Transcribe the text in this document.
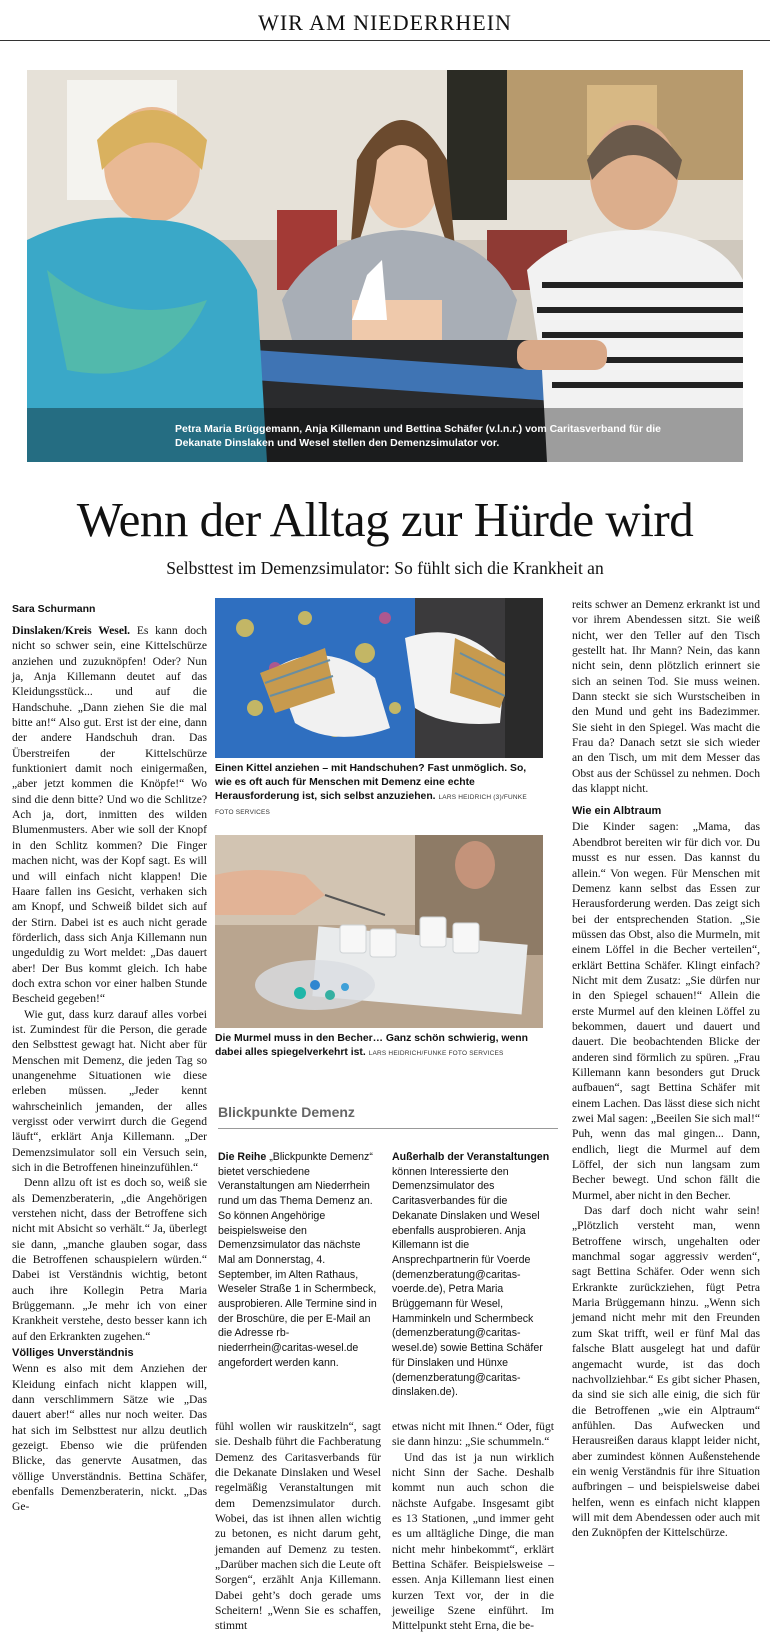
WIR AM NIEDERRHEIN
Petra Maria Brüggemann, Anja Killemann und Bettina Schäfer (v.l.n.r.) vom Caritasverband für die Dekanate Dinslaken und Wesel stellen den Demenzsimulator vor.
Wenn der Alltag zur Hürde wird
Selbsttest im Demenzsimulator: So fühlt sich die Krankheit an
Sara Schurmann

Dinslaken/Kreis Wesel. Es kann doch nicht so schwer sein, eine Kittelschürze anziehen und zuzuknöpfen! Oder? Nun ja, Anja Killemann deutet auf das Kleidungsstück... und auf die Handschuhe. „Dann ziehen Sie die mal bitte an!“ Also gut. Erst ist der eine, dann der andere Handschuh dran. Das Überstreifen der Kittelschürze funktioniert damit noch einigermaßen, „aber jetzt kommen die Knöpfe!“ Wo sind die denn bitte? Und wo die Schlitze? Ach ja, dort, inmitten des wilden Blumenmusters. Aber wie soll der Knopf in den Schlitz kommen? Die Finger machen nicht, was der Kopf sagt. Es will und will einfach nicht klappen! Die Haare fallen ins Gesicht, verhaken sich am Knopf, und Schweiß bildet sich auf der Stirn. Dabei ist es auch nicht gerade förderlich, dass sich Anja Killemann nun ungeduldig zu Wort meldet: „Das dauert aber! Der Bus kommt gleich. Ich habe doch extra schon vor einer halben Stunde Bescheid gegeben!“

Wie gut, dass kurz darauf alles vorbei ist. Zumindest für die Person, die gerade den Selbsttest gewagt hat. Nicht aber für Menschen mit Demenz, die jeden Tag so unangenehme Situationen wie diese erleben müssen. „Jeder kennt wahrscheinlich jemanden, der alles vergisst oder verwirrt durch die Gegend läuft“, erklärt Anja Killemann. „Der Demenzsimulator soll ein Versuch sein, sich in die Betroffenen hineinzufühlen.“

Denn allzu oft ist es doch so, weiß sie als Demenzberaterin, „die Angehörigen verstehen nicht, dass der Betroffene sich nicht mit Absicht so verhält.“ Ja, überlegt sie dann, „manche glauben sogar, dass die Betroffenen schauspielern würden.“ Dabei ist Verständnis wichtig, betont auch ihre Kollegin Petra Maria Brüggemann. „Je mehr ich von einer Krankheit verstehe, desto besser kann ich auf den Erkrankten zugehen.“

Völliges Unverständnis

Wenn es also mit dem Anziehen der Kleidung einfach nicht klappen will, dann verschlimmern Sätze wie „Das dauert aber!“ alles nur noch weiter. Das hat sich im Selbsttest nur allzu deutlich gezeigt. Ebenso wie die prüfenden Blicke, das genervte Ausatmen, das völlige Unverständnis. Bettina Schäfer, ebenfalls Demenzberaterin, nickt. „Das Ge-

Einen Kittel anziehen – mit Handschuhen? Fast unmöglich. So, wie es oft auch für Menschen mit Demenz eine echte Herausforderung ist, sich selbst anzuziehen. LARS HEIDRICH (3)/FUNKE FOTO SERVICES
Die Murmel muss in den Becher… Ganz schön schwierig, wenn dabei alles spiegelverkehrt ist. LARS HEIDRICH/FUNKE FOTO SERVICES
Blickpunkte Demenz
Die Reihe „Blickpunkte Demenz“ bietet verschiedene Veranstaltungen am Niederrhein rund um das Thema Demenz an. So können Angehörige beispielsweise den Demenzsimulator das nächste Mal am Donnerstag, 4. September, im Alten Rathaus, Weseler Straße 1 in Schermbeck, ausprobieren. Alle Termine sind in der Broschüre, die per E-Mail an die Adresse rb-niederrhein@caritas-wesel.de angefordert werden kann.
Außerhalb der Veranstaltungen können Interessierte den Demenzsimulator des Caritasverbandes für die Dekanate Dinslaken und Wesel ebenfalls ausprobieren. Anja Killemann ist die Ansprechpartnerin für Voerde (demenzberatung@caritas-voerde.de), Petra Maria Brüggemann für Wesel, Hamminkeln und Schermbeck (demenzberatung@caritas-wesel.de) sowie Bettina Schäfer für Dinslaken und Hünxe (demenzberatung@caritas-dinslaken.de).

fühl wollen wir rauskitzeln“, sagt sie. Deshalb führt die Fachberatung Demenz des Caritasverbands für die Dekanate Dinslaken und Wesel regelmäßig Veranstaltungen mit dem Demenzsimulator durch. Wobei, das ist ihnen allen wichtig zu betonen, es nicht darum geht, jemanden auf Demenz zu testen. „Darüber machen sich die Leute oft Sorgen“, erzählt Anja Killemann. Dabei geht’s doch gerade ums Scheitern! „Wenn Sie es schaffen, stimmt

etwas nicht mit Ihnen.“ Oder, fügt sie dann hinzu: „Sie schummeln.“

Und das ist ja nun wirklich nicht Sinn der Sache. Deshalb kommt nun auch schon die nächste Aufgabe. Insgesamt gibt es 13 Stationen, „und immer geht es um alltägliche Dinge, die man nicht mehr hinbekommt“, erklärt Bettina Schäfer. Beispielsweise – essen. Anja Killemann liest einen kurzen Text vor, der in die jeweilige Szene einführt. Im Mittelpunkt steht Erna, die be-

reits schwer an Demenz erkrankt ist und vor ihrem Abendessen sitzt. Sie weiß nicht, wer den Teller auf den Tisch gestellt hat. Ihr Mann? Nein, das kann nicht sein, denn plötzlich erinnert sie sich an seinen Tod. Sie muss weinen. Dann steckt sie sich Wurstscheiben in den Mund und geht ins Badezimmer. Sie sieht in den Spiegel. Was macht die Frau da? Danach setzt sie sich wieder an den Tisch, um mit dem Messer das Obst aus der Schüssel zu nehmen. Doch das klappt nicht.

Wie ein Albtraum

Die Kinder sagen: „Mama, das Abendbrot bereiten wir für dich vor. Du musst es nur essen. Das kannst du allein.“ Von wegen. Für Menschen mit Demenz kann selbst das Essen zur Herausforderung werden. Das zeigt sich bei der entsprechenden Station. „Sie müssen das Obst, also die Murmeln, mit einem Löffel in die Becher verteilen“, erklärt Bettina Schäfer. Klingt einfach? Nicht mit dem Zusatz: „Sie dürfen nur in den Spiegel schauen!“ Allein die erste Murmel auf den kleinen Löffel zu bekommen, dauert und dauert und dauert. Die beobachtenden Blicke der anderen sind förmlich zu spüren. „Frau Killemann kann besonders gut Druck aufbauen“, sagt Bettina Schäfer mit einem Lachen. Das lässt diese sich nicht zwei Mal sagen: „Beeilen Sie sich mal!“ Puh, wenn das mal gingen... Dann, endlich, liegt die Murmel auf dem Löffel, der sich nun langsam zum Becher bewegt. Und schon fällt die Murmel, aber nicht in den Becher.

Das darf doch nicht wahr sein! „Plötzlich versteht man, wenn Betroffene wirsch, ungehalten oder manchmal sogar aggressiv werden“, sagt Bettina Schäfer. Oder wenn sich Erkrankte zurückziehen, fügt Petra Maria Brüggemann hinzu. „Wenn sich jemand nicht mehr mit den Freunden zum Skat trifft, weil er fünf Mal das falsche Blatt ausgelegt hat und dafür angemacht wurde, ist das doch nachvollziehbar.“ Es gibt sicher Phasen, da sind sie sich alle einig, die sich für die Betroffenen „wie ein Alptraum“ anfühlen. Das Aufwecken und Herausreißen daraus klappt leider nicht, aber zumindest können Außenstehende ein wenig Verständnis für ihre Situation aufbringen – und beispielsweise dabei helfen, wenn es einfach nicht klappen will mit dem Abendessen oder auch mit den Zuknöpfen der Kittelschürze.
